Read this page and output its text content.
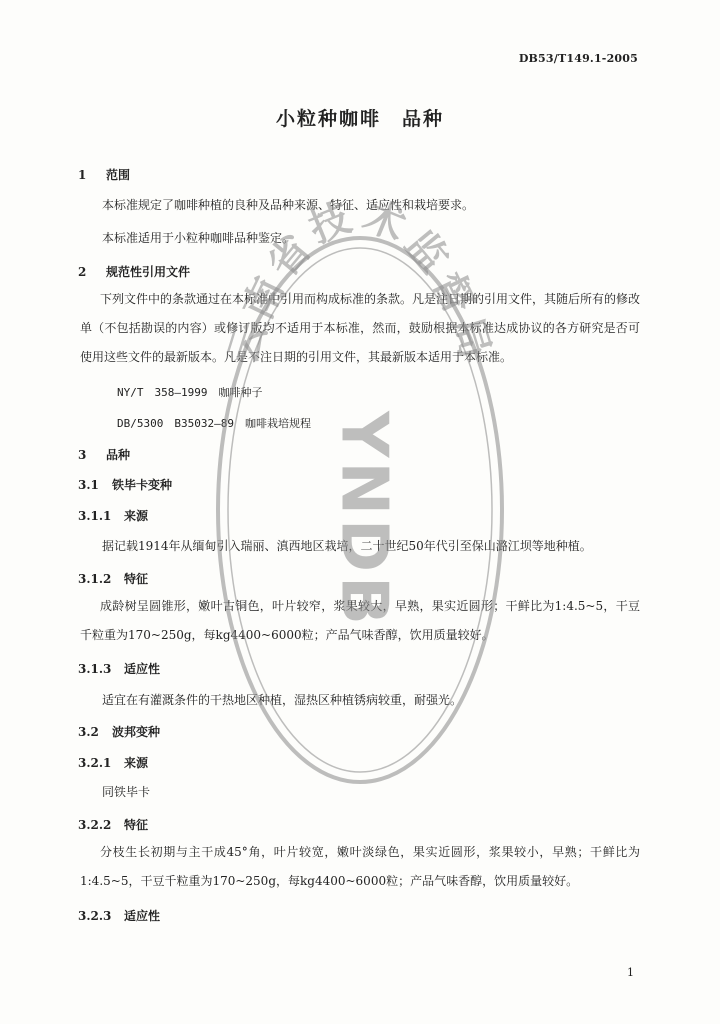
DB53/T149.1-2005
小粒种咖啡　品种
1 范围
本标准规定了咖啡种植的良种及品种来源、特征、适应性和栽培要求。
本标准适用于小粒种咖啡品种鉴定。
2 规范性引用文件
下列文件中的条款通过在本标准中引用而构成标准的条款。凡是注日期的引用文件，其随后所有的修改单（不包括勘误的内容）或修订版均不适用于本标准，然而，鼓励根据本标准达成协议的各方研究是否可使用这些文件的最新版本。凡是不注日期的引用文件，其最新版本适用于本标准。
NY/T　358—1999　咖啡种子
DB/5300　B35032—89　咖啡栽培规程
3 品种
3.1 铁毕卡变种
3.1.1 来源
据记载1914年从缅甸引入瑞丽、滇西地区栽培，二十世纪50年代引至保山潞江坝等地种植。
3.1.2 特征
成龄树呈圆锥形，嫩叶古铜色，叶片较窄，浆果较大，早熟，果实近圆形；干鲜比为1:4.5~5，干豆千粒重为170~250g，每kg4400~6000粒；产品气味香醇，饮用质量较好。
3.1.3 适应性
适宜在有灌溉条件的干热地区种植，湿热区种植锈病较重，耐强光。
3.2 波邦变种
3.2.1 来源
同铁毕卡
3.2.2 特征
分枝生长初期与主干成45°角，叶片较宽，嫩叶淡绿色，果实近圆形，浆果较小，早熟；干鲜比为1:4.5~5，干豆千粒重为170~250g，每kg4400~6000粒；产品气味香醇，饮用质量较好。
3.2.3 适应性
1
云南省技术监督局
YNDB
